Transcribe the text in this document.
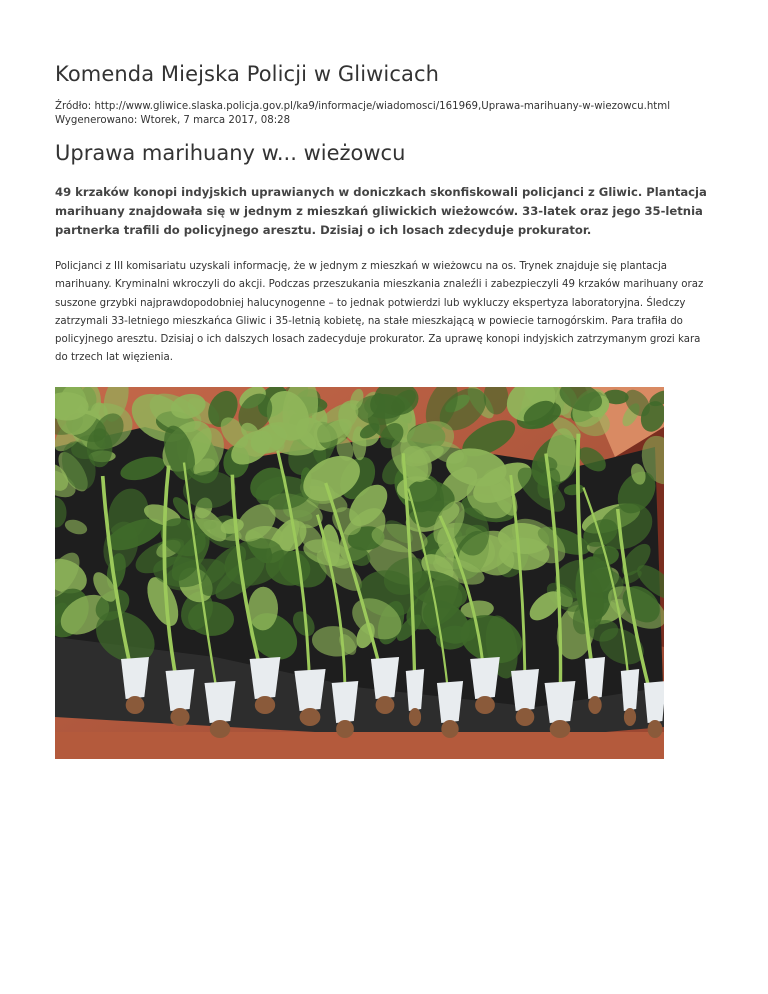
Komenda Miejska Policji w Gliwicach
Źródło: http://www.gliwice.slaska.policja.gov.pl/ka9/informacje/wiadomosci/161969,Uprawa-marihuany-w-wiezowcu.html
Wygenerowano: Wtorek, 7 marca 2017, 08:28
Uprawa marihuany w... wieżowcu
49 krzaków konopi indyjskich uprawianych w doniczkach skonfiskowali policjanci z Gliwic. Plantacja marihuany znajdowała się w jednym z mieszkań gliwickich wieżowców. 33-latek oraz jego 35-letnia partnerka trafili do policyjnego aresztu. Dzisiaj o ich losach zdecyduje prokurator.
Policjanci z III komisariatu uzyskali informację, że w jednym z mieszkań w wieżowcu na os. Trynek znajduje się plantacja marihuany. Kryminalni wkroczyli do akcji. Podczas przeszukania mieszkania znaleźli i zabezpieczyli 49 krzaków marihuany oraz suszone grzybki najprawdopodobniej halucynogenne – to jednak potwierdzi lub wykluczy ekspertyza laboratoryjna. Śledczy zatrzymali 33-letniego mieszkańca Gliwic i 35-letnią kobietę, na stałe mieszkającą w powiecie tarnogórskim. Para trafiła do policyjnego aresztu. Dzisiaj o ich dalszych losach zadecyduje prokurator. Za uprawę konopi indyjskich zatrzymanym grozi kara do trzech lat więzienia.
